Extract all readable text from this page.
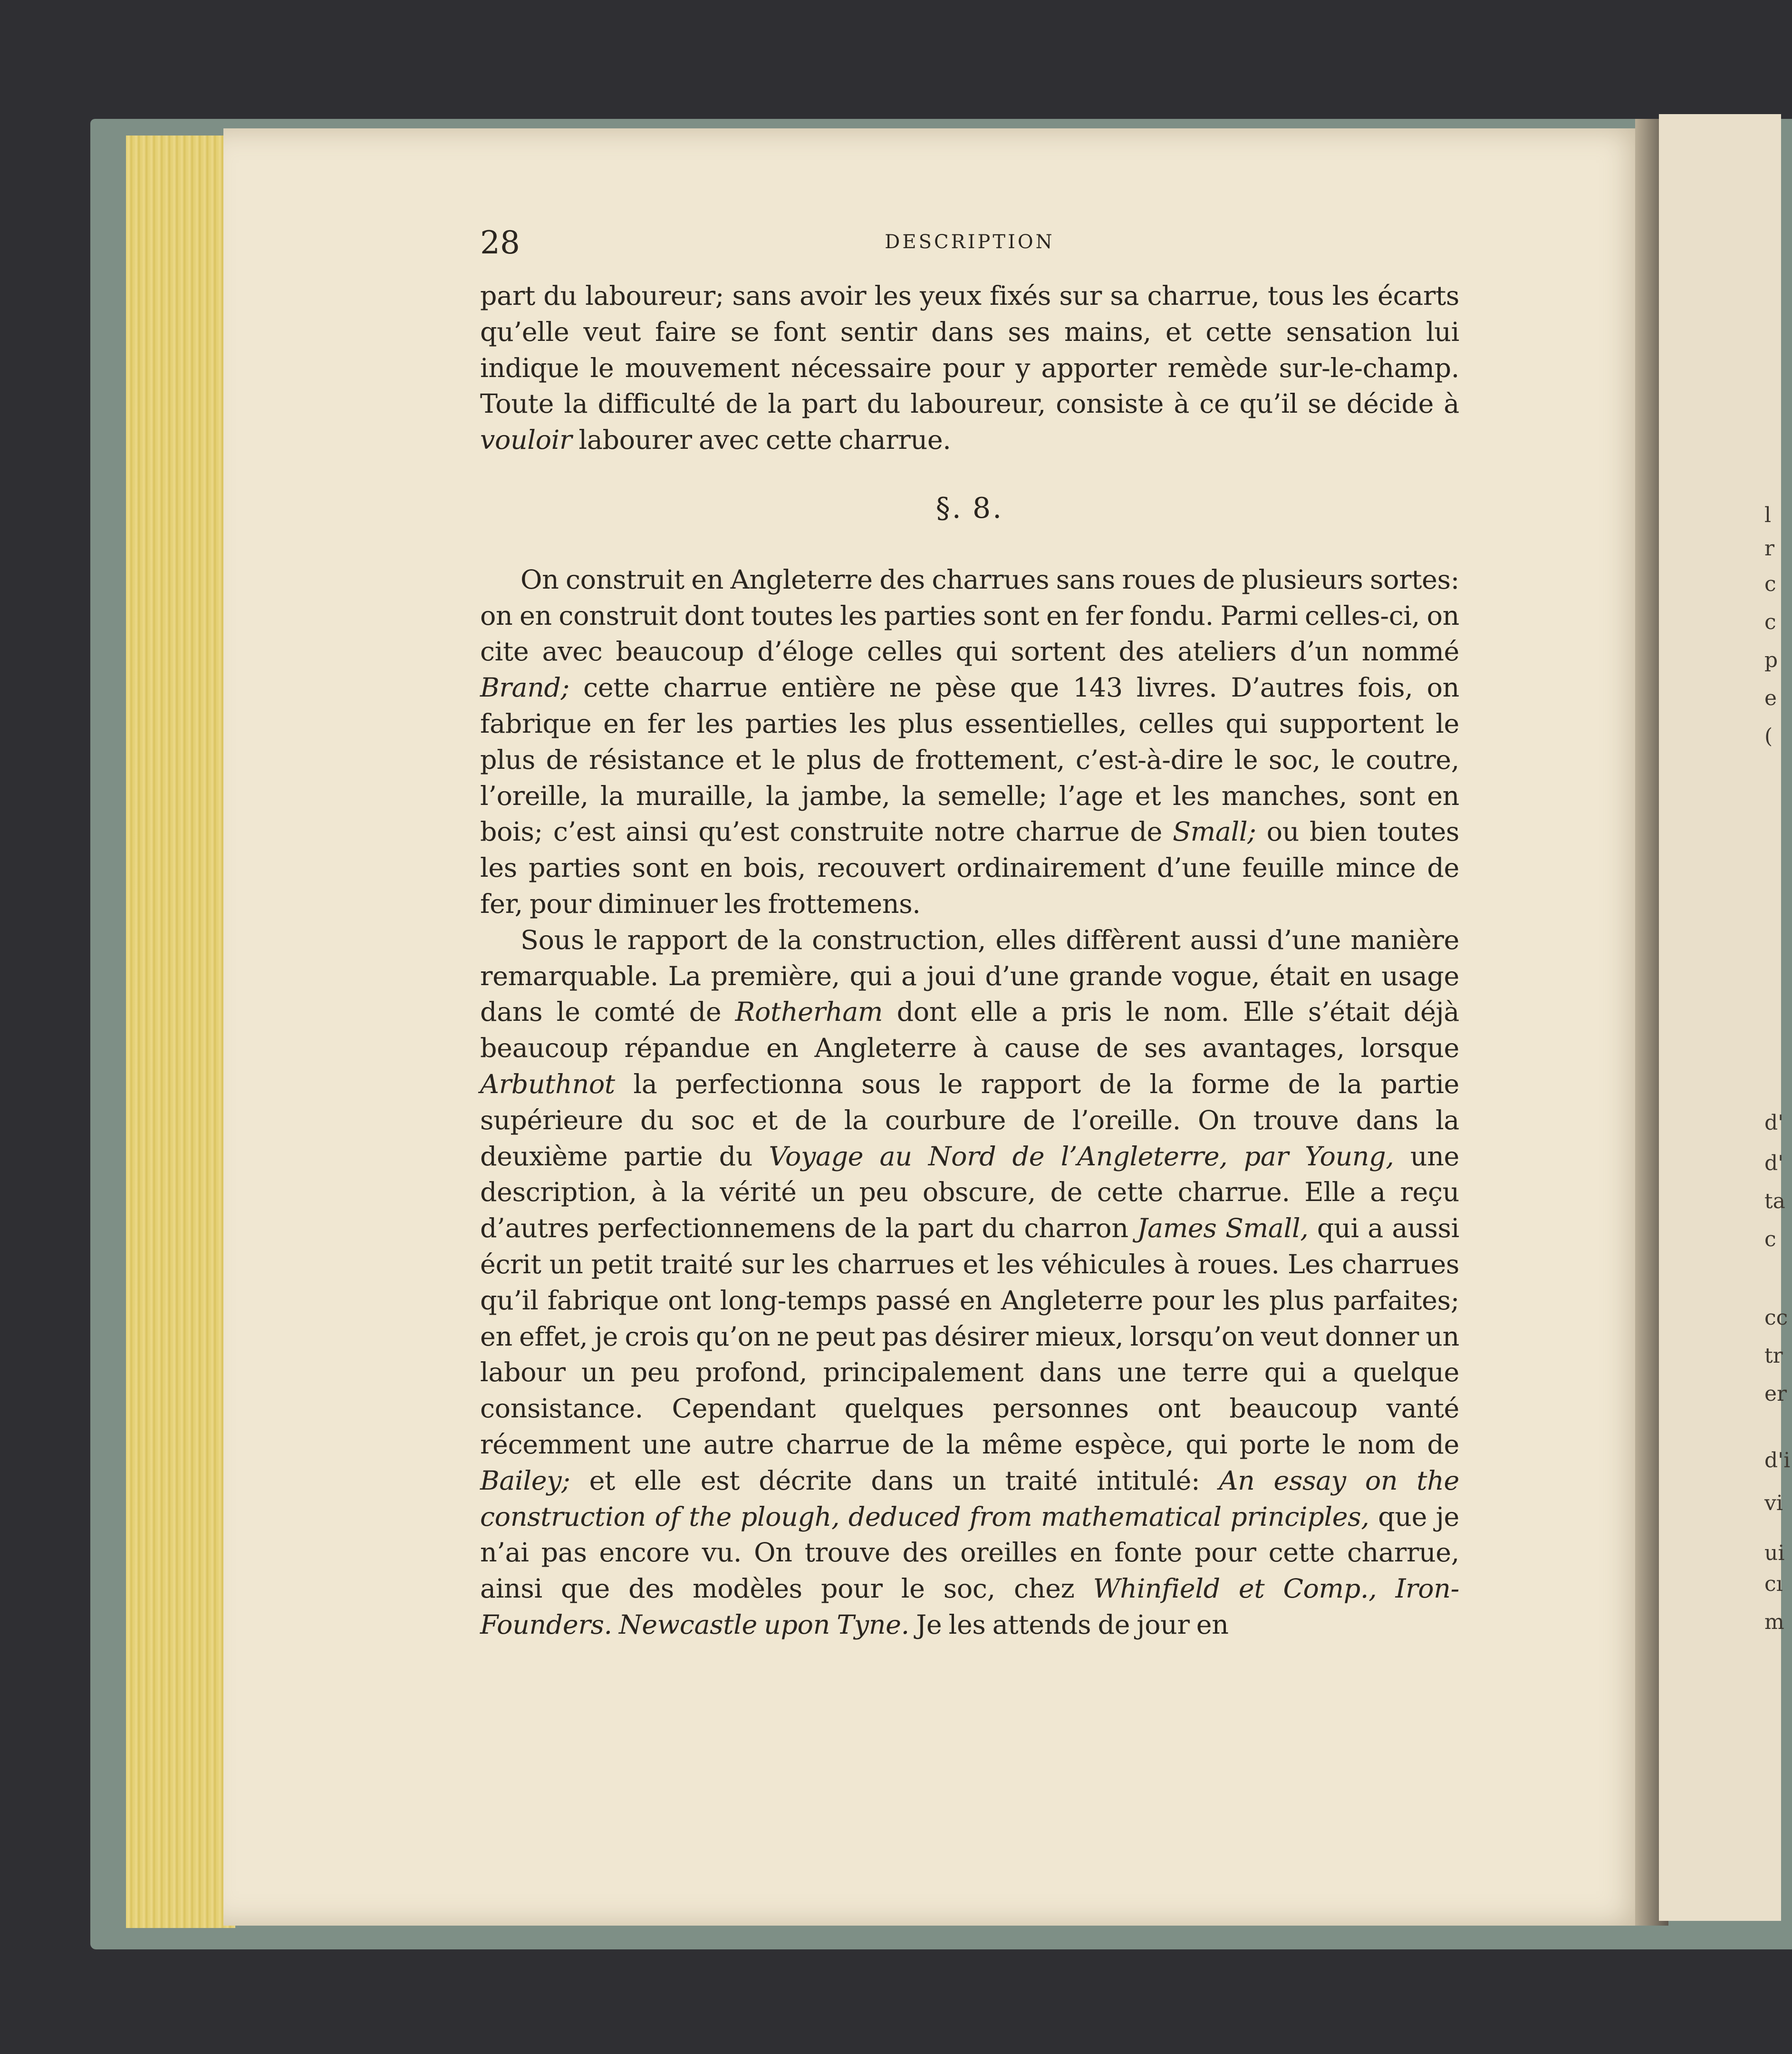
l
r
c
c
p
e
(
d'
d'
ta
c
cc
tr
er
d'i
vi
ui
cı
m
28	DESCRIPTION

part du laboureur; sans avoir les yeux fixés sur sa charrue, tous les écarts qu’elle veut faire se font sentir dans ses mains, et cette sensation lui indique le mouvement nécessaire pour y apporter remède sur-le-champ. Toute la difficulté de la part du laboureur, consiste à ce qu’il se décide à vouloir labourer avec cette charrue.

§. 8.

On construit en Angleterre des charrues sans roues de plusieurs sortes: on en construit dont toutes les parties sont en fer fondu. Parmi celles-ci, on cite avec beaucoup d’éloge celles qui sortent des ateliers d’un nommé Brand; cette charrue entière ne pèse que 143 livres. D’autres fois, on fabrique en fer les parties les plus essentielles, celles qui supportent le plus de résistance et le plus de frottement, c’est-à-dire le soc, le coutre, l’oreille, la muraille, la jambe, la semelle; l’age et les manches, sont en bois; c’est ainsi qu’est construite notre charrue de Small; ou bien toutes les parties sont en bois, recouvert ordinairement d’une feuille mince de fer, pour diminuer les frottemens.

Sous le rapport de la construction, elles diffèrent aussi d’une manière remarquable. La première, qui a joui d’une grande vogue, était en usage dans le comté de Rotherham dont elle a pris le nom. Elle s’était déjà beaucoup répandue en Angleterre à cause de ses avantages, lorsque Arbuthnot la perfectionna sous le rapport de la forme de la partie supérieure du soc et de la courbure de l’oreille. On trouve dans la deuxième partie du Voyage au Nord de l’Angleterre, par Young, une description, à la vérité un peu obscure, de cette charrue. Elle a reçu d’autres perfectionnemens de la part du charron James Small, qui a aussi écrit un petit traité sur les charrues et les véhicules à roues. Les charrues qu’il fabrique ont long-temps passé en Angleterre pour les plus parfaites; en effet, je crois qu’on ne peut pas désirer mieux, lorsqu’on veut donner un labour un peu profond, principalement dans une terre qui a quelque consistance. Cependant quelques personnes ont beaucoup vanté récemment une autre charrue de la même espèce, qui porte le nom de Bailey; et elle est décrite dans un traité intitulé: An essay on the construction of the plough, deduced from mathematical principles, que je n’ai pas encore vu. On trouve des oreilles en fonte pour cette charrue, ainsi que des modèles pour le soc, chez Whinfield et Comp., Iron-Founders. Newcastle upon Tyne. Je les attends de jour en
